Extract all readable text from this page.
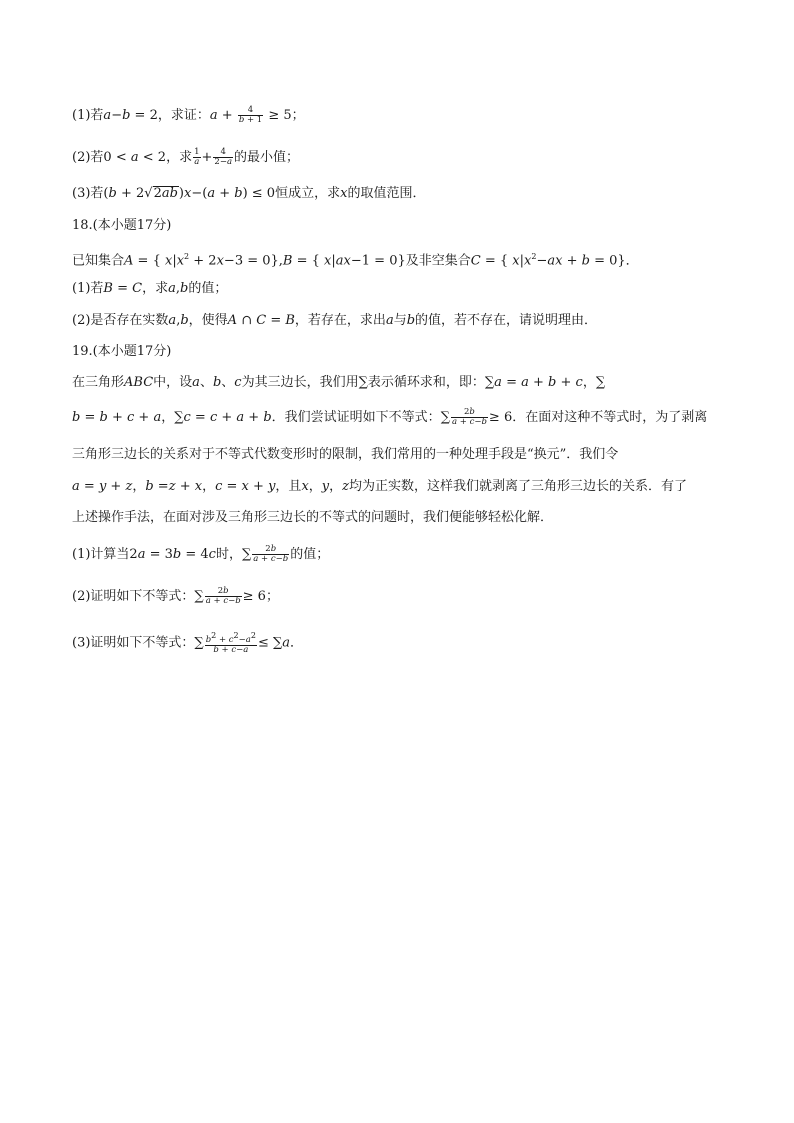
(1)若a−b = 2，求证：$a + \frac{4}{b + 1} \ge 5$；
(2)若0 < a < 2，求 $\frac{1}{a} + \frac{4}{2-a}$ 的最小值；
(3)若(b + 2√2ab)x−(a + b) ≤ 0恒成立，求x的取值范围．
18.(本小题17分)
已知集合A = { $x|x^2 + 2x-3 = 0\},B$ = { x|ax−1 = 0}及非空集合C = { $x|x^2-ax + b = 0$}．
(1)若B = C，求a,b的值；
(2)是否存在实数a,b，使得A ∩ C = B，若存在，求出a与b的值，若不存在，请说明理由．
19.(本小题17分)
在三角形ABC中，设a、b、c为其三边长，我们用∑表示循环求和，即：∑a = a + b + c，∑
b = b + c + a，∑c = c + a + b．我们尝试证明如下不等式：∑ $\frac{2b}{a + c-b} \ge 6$．在面对这种不等式时，为了剥离
三角形三边长的关系对于不等式代数变形时的限制，我们常用的一种处理手段是“换元”．我们令
a = y + z，b =z + x，c = x + y，且x，y，z均为正实数，这样我们就剥离了三角形三边长的关系．有了
上述操作手法，在面对涉及三角形三边长的不等式的问题时，我们便能够轻松化解．
(1)计算当2a = 3b = 4c时，∑ $\frac{2b}{a + c-b}$ 的值；
(2)证明如下不等式：∑ $\frac{2b}{a + c-b} \ge 6$；
(3)证明如下不等式：∑ $\frac{b^2 + c^2-a^2}{b + c-a} \le \sum a$．
